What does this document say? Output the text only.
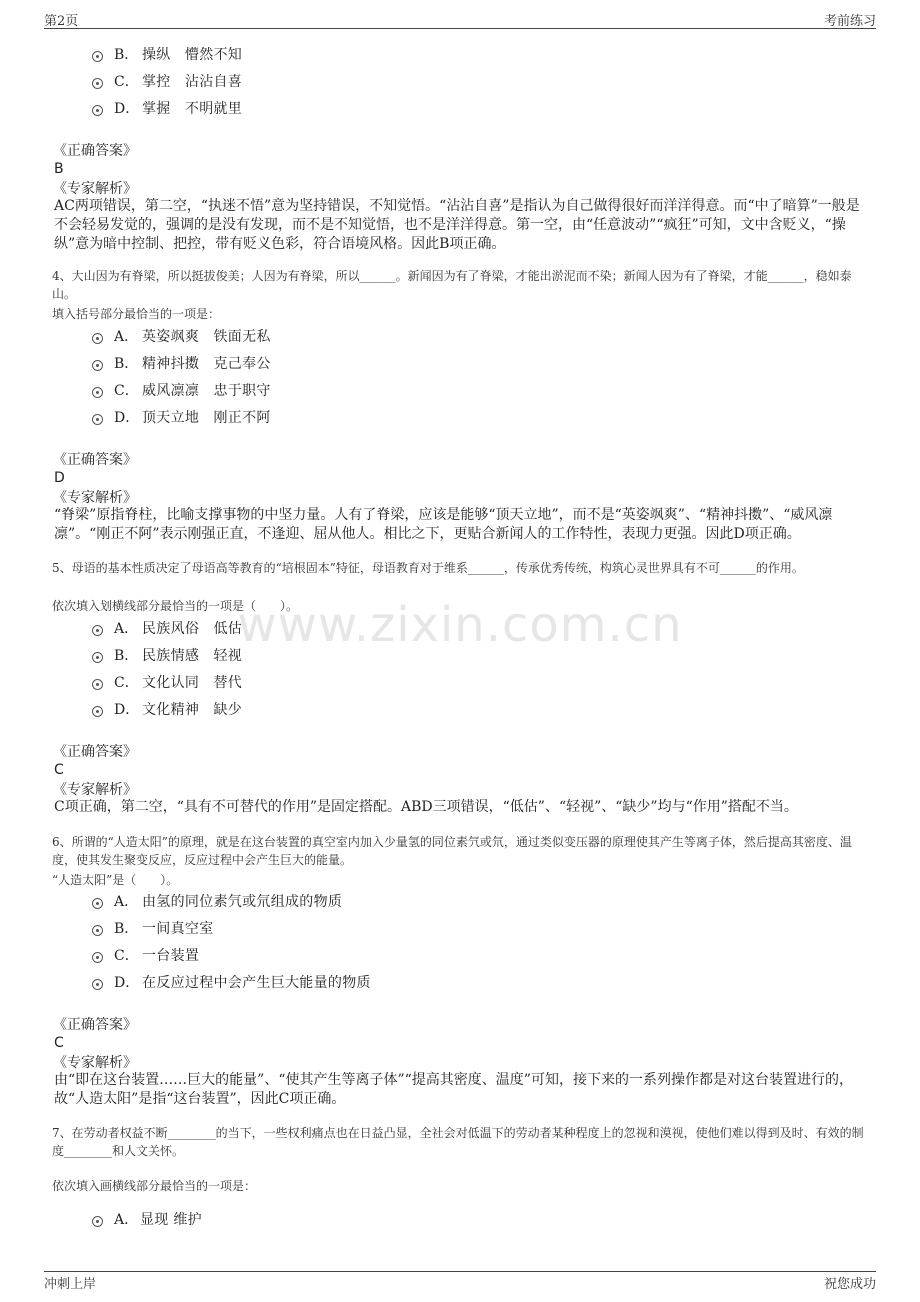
第2页	考前练习
www.zixin.com.cn
B． 操纵　懵然不知
C． 掌控　沾沾自喜
D． 掌握　不明就里
《正确答案》
B
《专家解析》
AC两项错误，第二空，“执迷不悟”意为坚持错误，不知觉悟。“沾沾自喜”是指认为自己做得很好而洋洋得意。而“中了暗算”一般是不会轻易发觉的，强调的是没有发现，而不是不知觉悟，也不是洋洋得意。第一空，由“任意波动”“疯狂”可知，文中含贬义，“操纵”意为暗中控制、把控，带有贬义色彩，符合语境风格。因此B项正确。
4、大山因为有脊梁，所以挺拔俊美；人因为有脊梁，所以______。新闻因为有了脊梁，才能出淤泥而不染；新闻人因为有了脊梁，才能______，稳如泰山。
填入括号部分最恰当的一项是：
A． 英姿飒爽　铁面无私
B． 精神抖擞　克己奉公
C． 威风凛凛　忠于职守
D． 顶天立地　刚正不阿
《正确答案》
D
《专家解析》
“脊梁”原指脊柱，比喻支撑事物的中坚力量。人有了脊梁，应该是能够“顶天立地”，而不是“英姿飒爽”、“精神抖擞”、“威风凛凛”。“刚正不阿”表示刚强正直，不逢迎、屈从他人。相比之下，更贴合新闻人的工作特性，表现力更强。因此D项正确。
5、母语的基本性质决定了母语高等教育的“培根固本”特征，母语教育对于维系______，传承优秀传统，构筑心灵世界具有不可______的作用。
依次填入划横线部分最恰当的一项是（　　）。
A． 民族风俗　低估
B． 民族情感　轻视
C． 文化认同　替代
D． 文化精神　缺少
《正确答案》
C
《专家解析》
C项正确，第二空，“具有不可替代的作用”是固定搭配。ABD三项错误，“低估”、“轻视”、“缺少”均与“作用”搭配不当。
6、所谓的“人造太阳”的原理，就是在这台装置的真空室内加入少量氢的同位素氕或氘，通过类似变压器的原理使其产生等离子体，然后提高其密度、温度，使其发生聚变反应，反应过程中会产生巨大的能量。
“人造太阳”是（　　）。
A． 由氢的同位素氕或氘组成的物质
B． 一间真空室
C． 一台装置
D． 在反应过程中会产生巨大能量的物质
《正确答案》
C
《专家解析》
由“即在这台装置……巨大的能量”、“使其产生等离子体”“提高其密度、温度”可知，接下来的一系列操作都是对这台装置进行的，故“人造太阳”是指“这台装置”，因此C项正确。
7、在劳动者权益不断________的当下，一些权利痛点也在日益凸显，全社会对低温下的劳动者某种程度上的忽视和漠视，使他们难以得到及时、有效的制度________和人文关怀。
依次填入画横线部分最恰当的一项是：
A． 显现 维护
冲刺上岸	祝您成功
